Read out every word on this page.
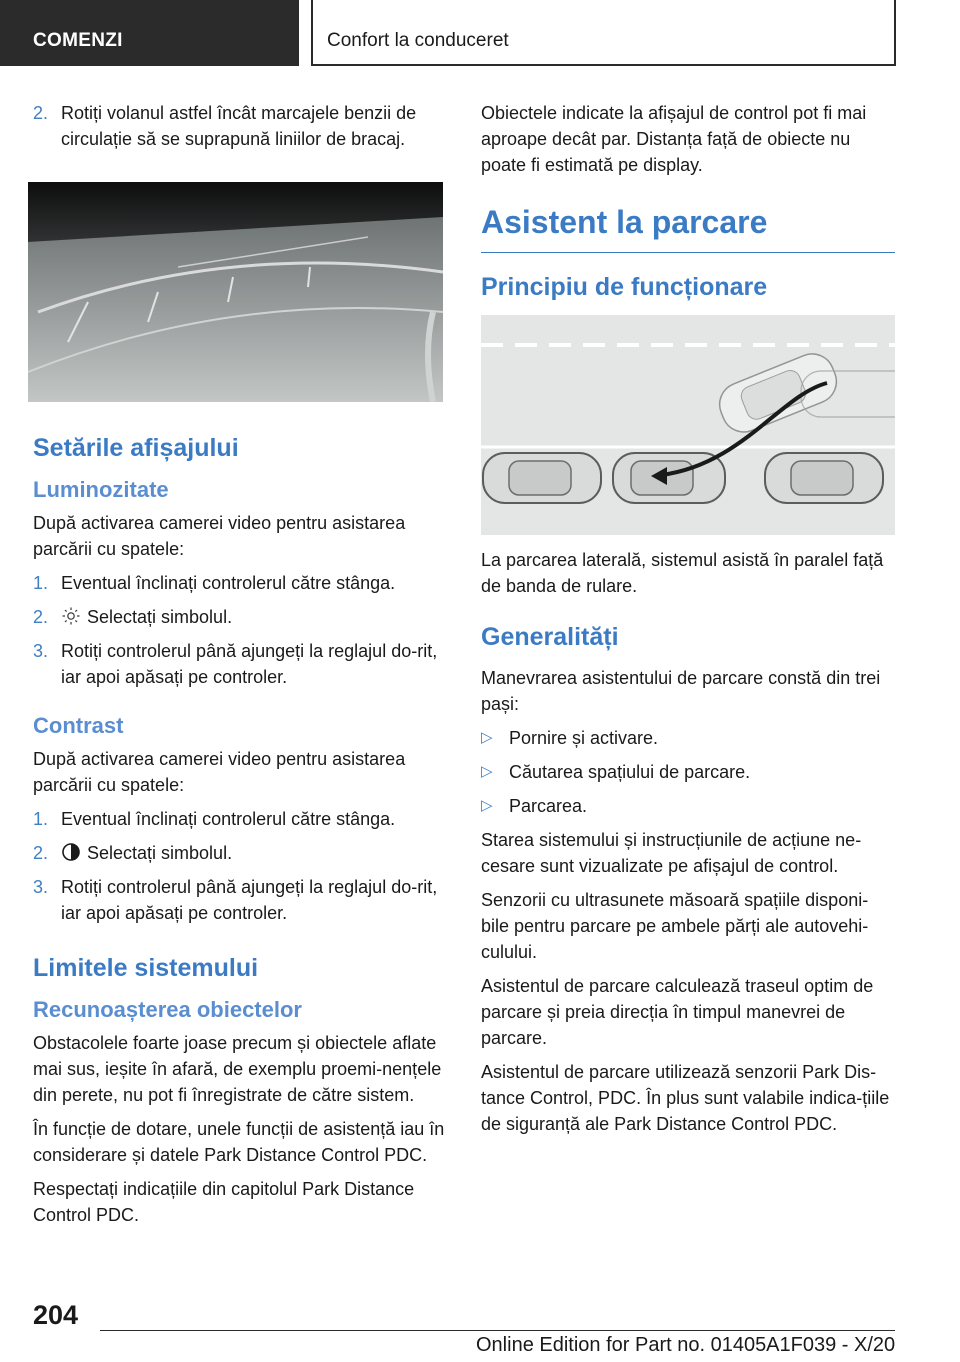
COMENZI	Confort la conduceret
2. Rotiți volanul astfel încât marcajele benzii de circulație să se suprapună liniilor de bracaj.
Setările afișajului
Luminozitate

După activarea camerei video pentru asistarea parcării cu spatele:

1. Eventual înclinați controlerul către stânga.
2. Selectați simbolul.
3. Rotiți controlerul până ajungeți la reglajul do‐rit, iar apoi apăsați pe controler.
Contrast

După activarea camerei video pentru asistarea parcării cu spatele:

1. Eventual înclinați controlerul către stânga.
2. Selectați simbolul.
3. Rotiți controlerul până ajungeți la reglajul do‐rit, iar apoi apăsați pe controler.
Limitele sistemului
Recunoașterea obiectelor

Obstacolele foarte joase precum și obiectele aflate mai sus, ieșite în afară, de exemplu proemi‐nențele din perete, nu pot fi înregistrate de către sistem.

În funcție de dotare, unele funcții de asistență iau în considerare și datele Park Distance Control PDC.

Respectați indicațiile din capitolul Park Distance Control PDC.

Obiectele indicate la afișajul de control pot fi mai aproape decât par. Distanța față de obiecte nu poate fi estimată pe display.

Asistent la parcare
Principiu de funcționare

La parcarea laterală, sistemul asistă în paralel față de banda de rulare.

Generalități

Manevrarea asistentului de parcare constă din trei pași:

▷ Pornire și activare.
▷ Căutarea spațiului de parcare.
▷ Parcarea.

Starea sistemului și instrucțiunile de acțiune ne‐cesare sunt vizualizate pe afișajul de control.

Senzorii cu ultrasunete măsoară spațiile disponi‐bile pentru parcare pe ambele părți ale autovehi‐culului.

Asistentul de parcare calculează traseul optim de parcare și preia direcția în timpul manevrei de parcare.

Asistentul de parcare utilizează senzorii Park Dis‐tance Control, PDC. În plus sunt valabile indica‐țiile de siguranță ale Park Distance Control PDC.

204
Online Edition for Part no. 01405A1F039 - X/20
